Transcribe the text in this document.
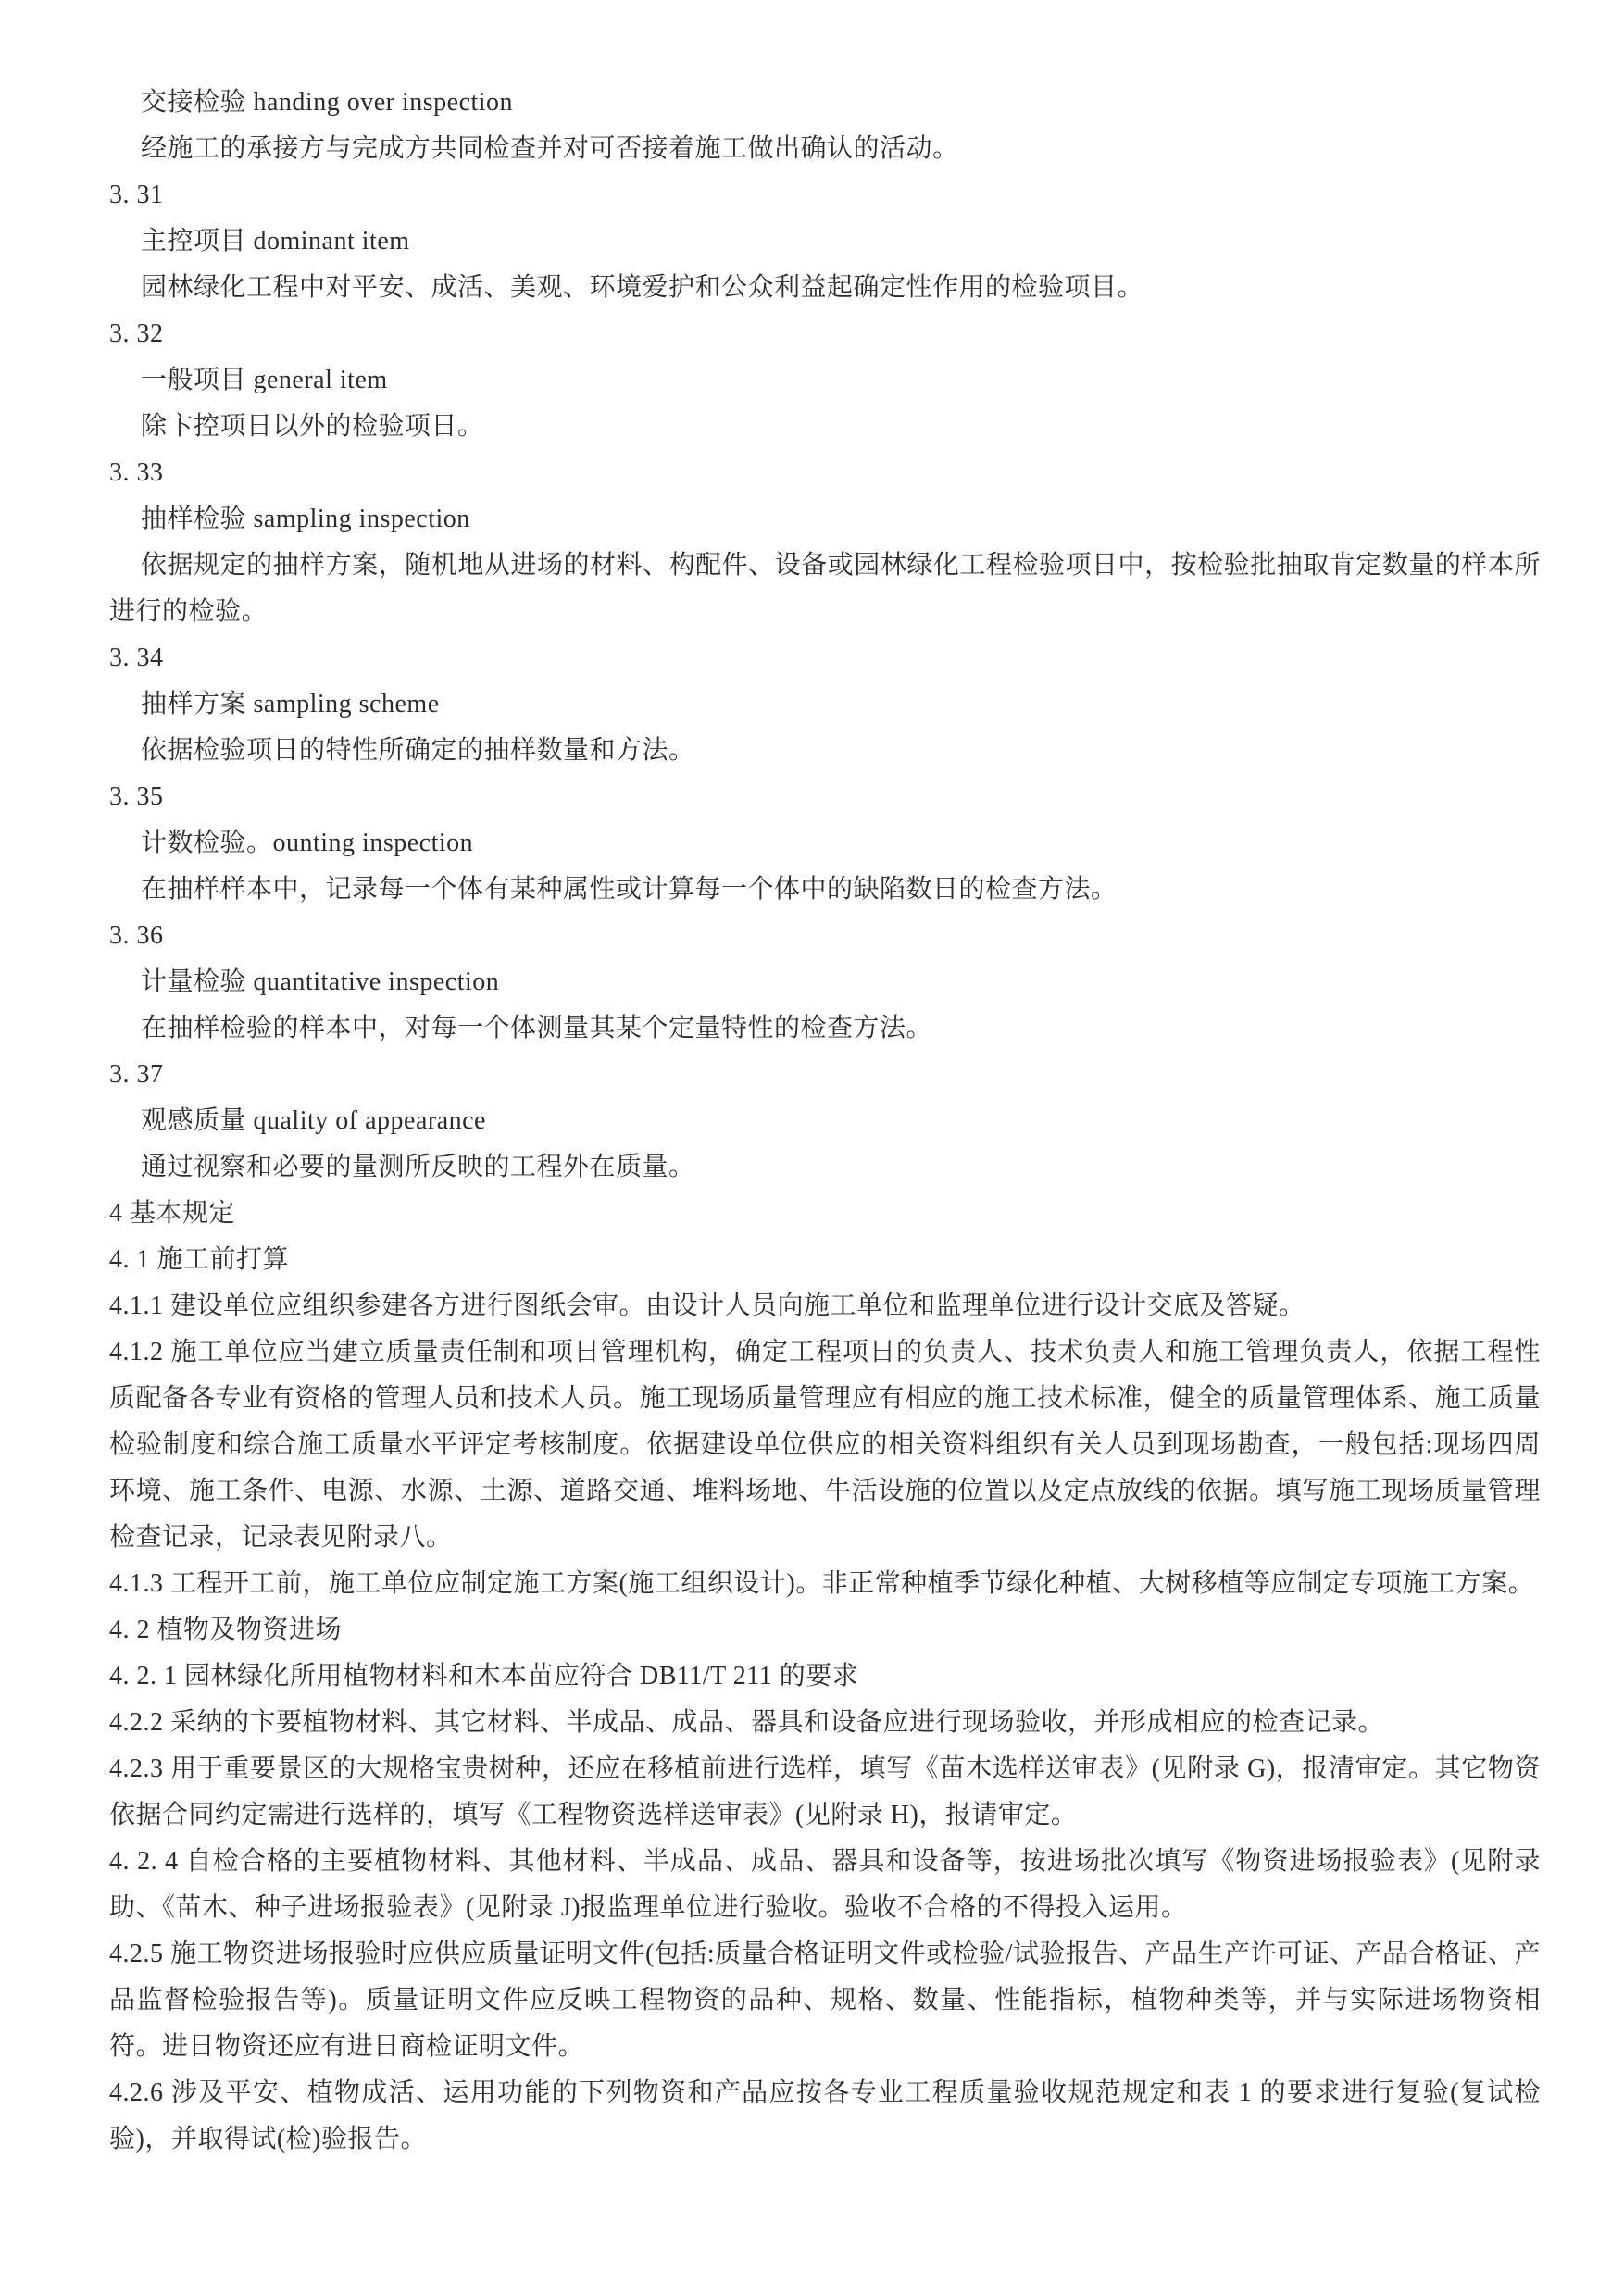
交接检验 handing over inspection
经施工的承接方与完成方共同检查并对可否接着施工做出确认的活动。
3. 31
主控项目 dominant item
园林绿化工程中对平安、成活、美观、环境爱护和公众利益起确定性作用的检验项目。
3. 32
一般项目 general item
除卞控项日以外的检验项日。
3. 33
抽样检验 sampling inspection
依据规定的抽样方案，随机地从进场的材料、构配件、设备或园林绿化工程检验项日中，按检验批抽取肯定数量的样本所进行的检验。
3. 34
抽样方案 sampling scheme
依据检验项日的特性所确定的抽样数量和方法。
3. 35
计数检验。ounting inspection
在抽样样本中，记录每一个体有某种属性或计算每一个体中的缺陷数日的检查方法。
3. 36
计量检验 quantitative inspection
在抽样检验的样本中，对每一个体测量其某个定量特性的检查方法。
3. 37
观感质量 quality of appearance
通过视察和必要的量测所反映的工程外在质量。
4 基本规定
4. 1 施工前打算
4.1.1 建设单位应组织参建各方进行图纸会审。由设计人员向施工单位和监理单位进行设计交底及答疑。
4.1.2 施工单位应当建立质量责任制和项日管理机构，确定工程项日的负责人、技术负责人和施工管理负责人，依据工程性质配备各专业有资格的管理人员和技术人员。施工现场质量管理应有相应的施工技术标准，健全的质量管理体系、施工质量检验制度和综合施工质量水平评定考核制度。依据建设单位供应的相关资料组织有关人员到现场勘查，一般包括:现场四周环境、施工条件、电源、水源、土源、道路交通、堆料场地、牛活设施的位置以及定点放线的依据。填写施工现场质量管理检查记录，记录表见附录八。
4.1.3 工程开工前，施工单位应制定施工方案(施工组织设计)。非正常种植季节绿化种植、大树移植等应制定专项施工方案。
4. 2 植物及物资进场
4. 2. 1 园林绿化所用植物材料和木本苗应符合 DB11/T 211 的要求
4.2.2 采纳的卞要植物材料、其它材料、半成品、成品、器具和设备应进行现场验收，并形成相应的检查记录。
4.2.3 用于重要景区的大规格宝贵树种，还应在移植前进行选样，填写《苗木选样送审表》(见附录 G)，报清审定。其它物资依据合同约定需进行选样的，填写《工程物资选样送审表》(见附录 H)，报请审定。
4. 2. 4 自检合格的主要植物材料、其他材料、半成品、成品、器具和设备等，按进场批次填写《物资进场报验表》(见附录助、《苗木、种子进场报验表》(见附录 J)报监理单位进行验收。验收不合格的不得投入运用。
4.2.5 施工物资进场报验时应供应质量证明文件(包括:质量合格证明文件或检验/试验报告、产品生产许可证、产品合格证、产品监督检验报告等)。质量证明文件应反映工程物资的品种、规格、数量、性能指标，植物种类等，并与实际进场物资相符。进日物资还应有进日商检证明文件。
4.2.6 涉及平安、植物成活、运用功能的下列物资和产品应按各专业工程质量验收规范规定和表 1 的要求进行复验(复试检验)，并取得试(检)验报告。
